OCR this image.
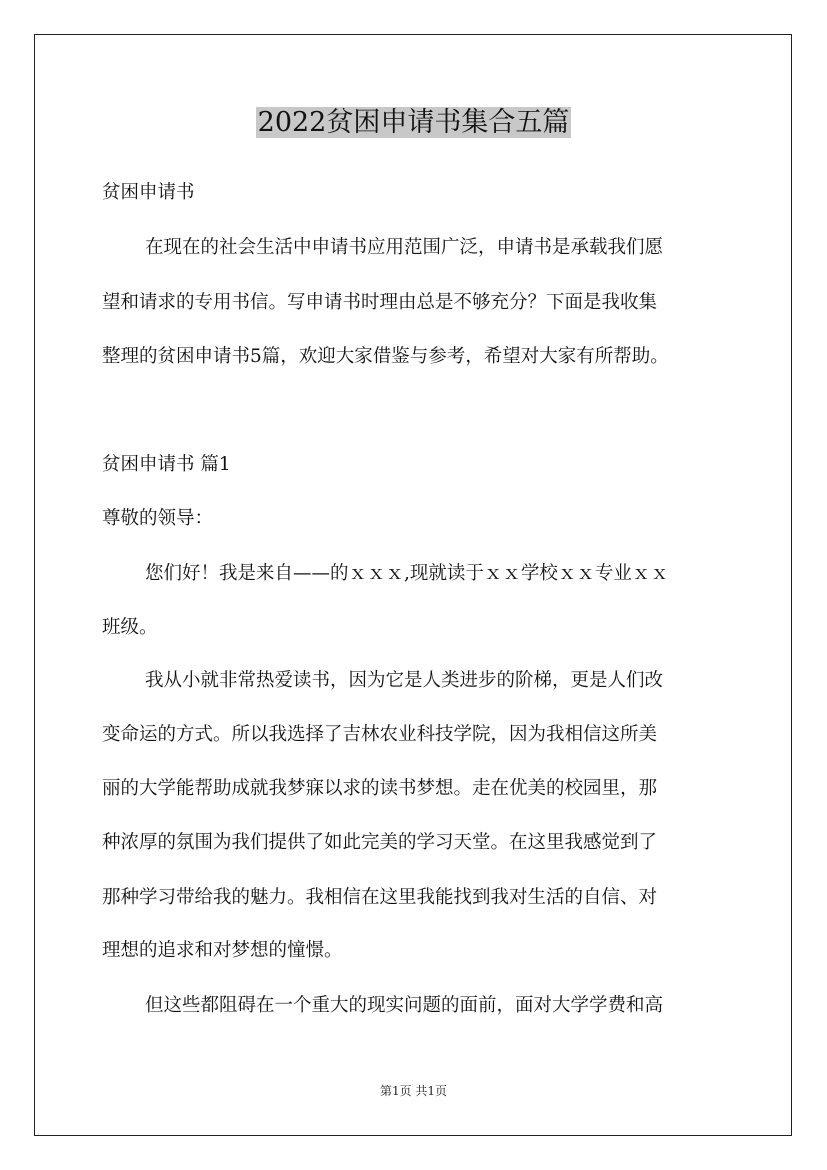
2022贫困申请书集合五篇
贫困申请书
在现在的社会生活中申请书应用范围广泛，申请书是承载我们愿
望和请求的专用书信。写申请书时理由总是不够充分？下面是我收集
整理的贫困申请书5篇，欢迎大家借鉴与参考，希望对大家有所帮助。
贫困申请书 篇1
尊敬的领导：
您们好！我是来自——的ｘｘｘ,现就读于ｘｘ学校ｘｘ专业ｘｘ
班级。
我从小就非常热爱读书，因为它是人类进步的阶梯，更是人们改
变命运的方式。所以我选择了吉林农业科技学院，因为我相信这所美
丽的大学能帮助成就我梦寐以求的读书梦想。走在优美的校园里，那
种浓厚的氛围为我们提供了如此完美的学习天堂。在这里我感觉到了
那种学习带给我的魅力。我相信在这里我能找到我对生活的自信、对
理想的追求和对梦想的憧憬。
但这些都阻碍在一个重大的现实问题的面前，面对大学学费和高
第1页 共1页
